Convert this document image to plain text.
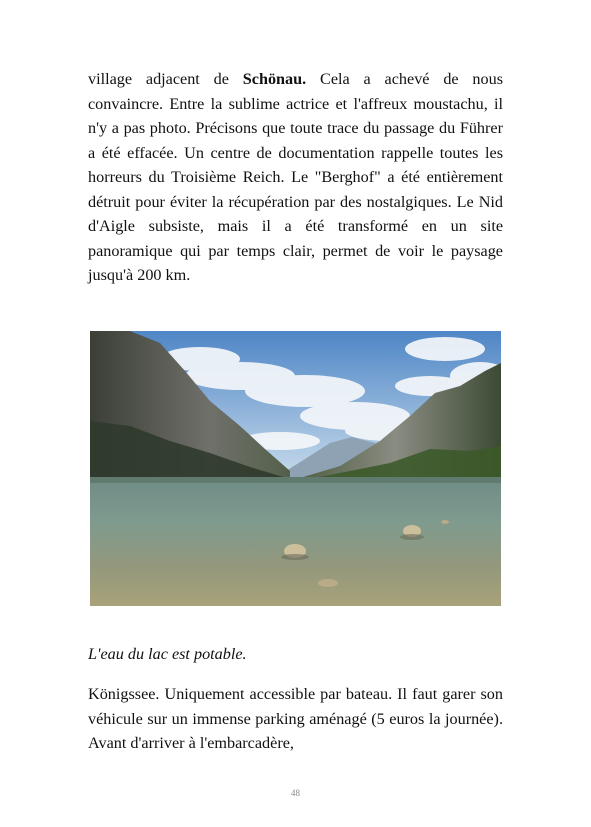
village adjacent de Schönau. Cela a achevé de nous convaincre. Entre la sublime actrice et l'affreux moustachu, il n'y a pas photo. Précisons que toute trace du passage du Führer a été effacée. Un centre de documentation rappelle toutes les horreurs du Troisième Reich. Le "Berghof" a été entièrement détruit pour éviter la récupération par des nostalgiques. Le Nid d'Aigle subsiste, mais il a été transformé en un site panoramique qui par temps clair, permet de voir le paysage jusqu'à 200 km.

L'eau du lac est potable.

Königssee. Uniquement accessible par bateau. Il faut garer son véhicule sur un immense parking aménagé (5 euros la journée). Avant d'arriver à l'embarcadère,

48
